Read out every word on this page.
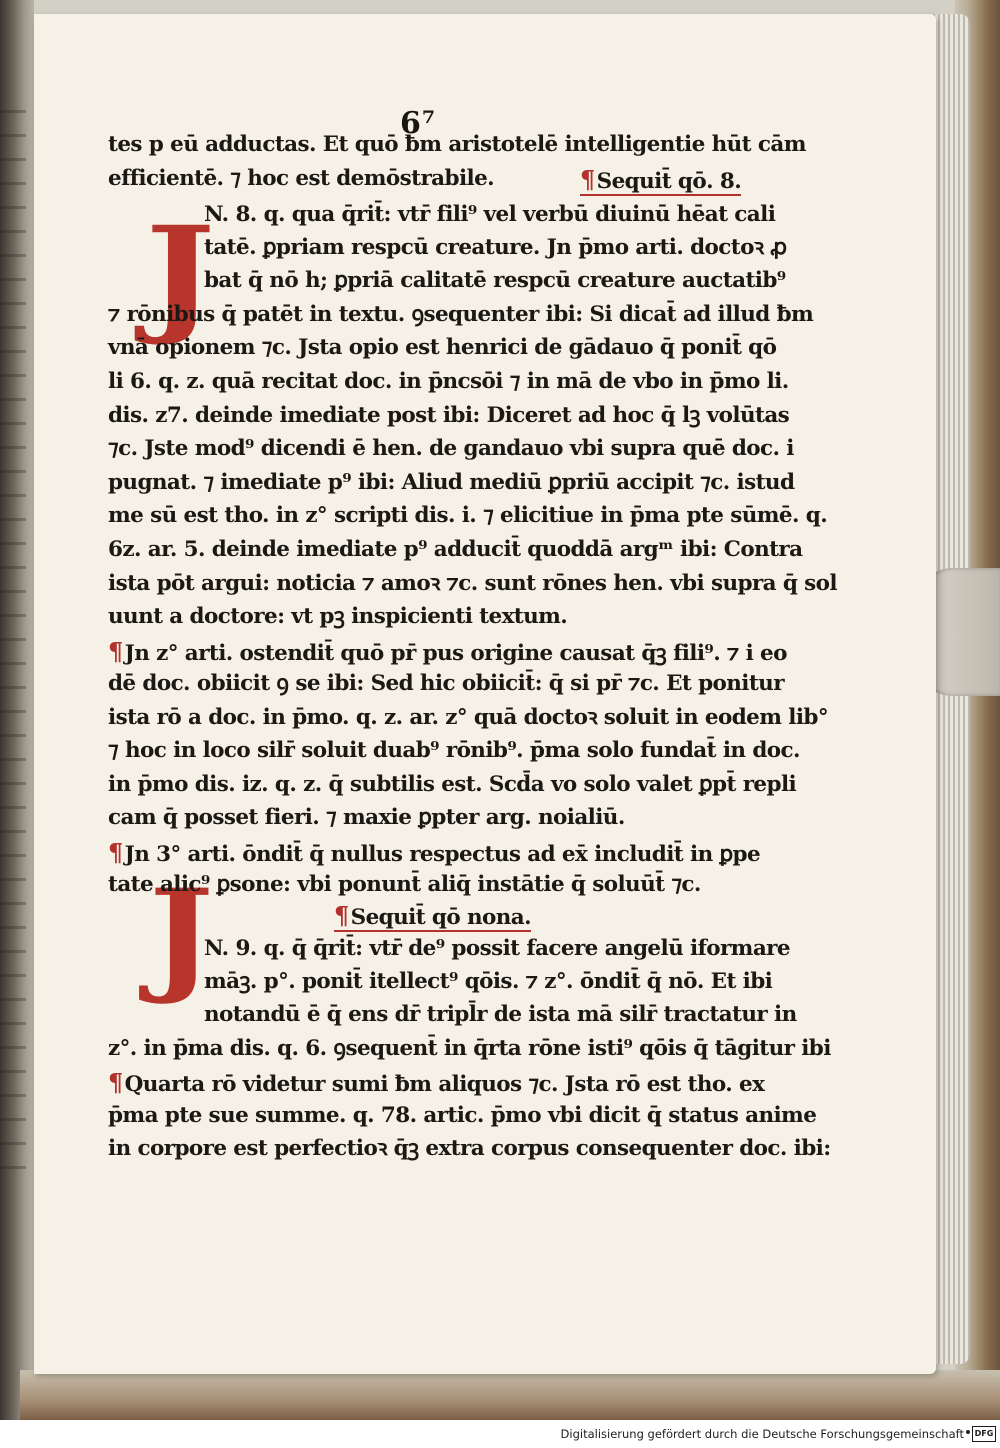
6⁷
J
J
tes p eū adductas. Et quō ƀm aristotelē intelligentie hūt cām
efficientē. ⁊ hoc est demōstrabile.	¶Sequit̄ qō. 8.
N. 8. q. qua q̄rit̄: vtr̄ fili⁹ vel verbū diuinū hēat cali
tatē. ꝑpriam respcū creature. Jn p̄mo arti. doctoꝛ ꝓ
bat q̄ nō h; ꝑpriā calitatē respcū creature auctatib⁹
⁊ rōnibus q̄ patēt in textu. ꝯsequenter ibi: Si dicat̄ ad illud ƀm
vnā opionem ⁊c. Jsta opio est henrici de gādauo q̄ ponit̄ qō
li 6. q. z. quā recitat doc. in p̄ncsōi ⁊ in mā de vbo in p̄mo li.
dis. z7. deinde imediate post ibi: Diceret ad hoc q̄ lꝫ volūtas
⁊c. Jste mod⁹ dicendi ē hen. de gandauo vbi supra quē doc. i
pugnat. ⁊ imediate p⁹ ibi: Aliud mediū ꝑpriū accipit ⁊c. istud
me sū est tho. in z° scripti dis. i. ⁊ elicitiue in p̄ma pte sūmē. q.
6z. ar. 5. deinde imediate p⁹ adducit̄ quoddā argᵐ ibi: Contra
ista pōt argui: noticia ⁊ amoꝛ ⁊c. sunt rōnes hen. vbi supra q̄ sol
uunt a doctore: vt pꝫ inspicienti textum.
¶Jn z° arti. ostendit̄ quō pr̄ pus origine causat q̄ꝫ fili⁹. ⁊ i eo
dē doc. obiicit ꝯ se ibi: Sed hic obiicit̄: q̄ si pr̄ ⁊c. Et ponitur
ista rō a doc. in p̄mo. q. z. ar. z° quā doctoꝛ soluit in eodem lib°
⁊ hoc in loco silr̄ soluit duab⁹ rōnib⁹. p̄ma solo fundat̄ in doc.
in p̄mo dis. iz. q. z. q̄ subtilis est. Scd̄a vo solo valet ꝑpt̄ repli
cam q̄ posset fieri. ⁊ maxie ꝑpter arg. noialiū.
¶Jn 3° arti. ōndit̄ q̄ nullus respectus ad ex̄ includit̄ in ꝑpe
tate alic⁹ ꝑsone: vbi ponunt̄ aliq̄ instātie q̄ soluūt̄ ⁊c.
¶Sequit̄ qō nona.
N. 9. q. q̄ q̄rit̄: vtr̄ de⁹ possit facere angelū iformare
māꝫ. p°. ponit̄ itellect⁹ qōis. ⁊ z°. ōndit̄ q̄ nō. Et ibi
notandū ē q̄ ens dr̄ tripl̄r de ista mā silr̄ tractatur in
z°. in p̄ma dis. q. 6. ꝯsequent̄ in q̄rta rōne isti⁹ qōis q̄ tāgitur ibi
¶Quarta rō videtur sumi ƀm aliquos ⁊c. Jsta rō est tho. ex
p̄ma pte sue summe. q. 78. artic. p̄mo vbi dicit q̄ status anime
in corpore est perfectioꝛ q̄ꝫ extra corpus consequenter doc. ibi:
Digitalisierung gefördert durch die Deutsche Forschungsgemeinschaft	DFG
